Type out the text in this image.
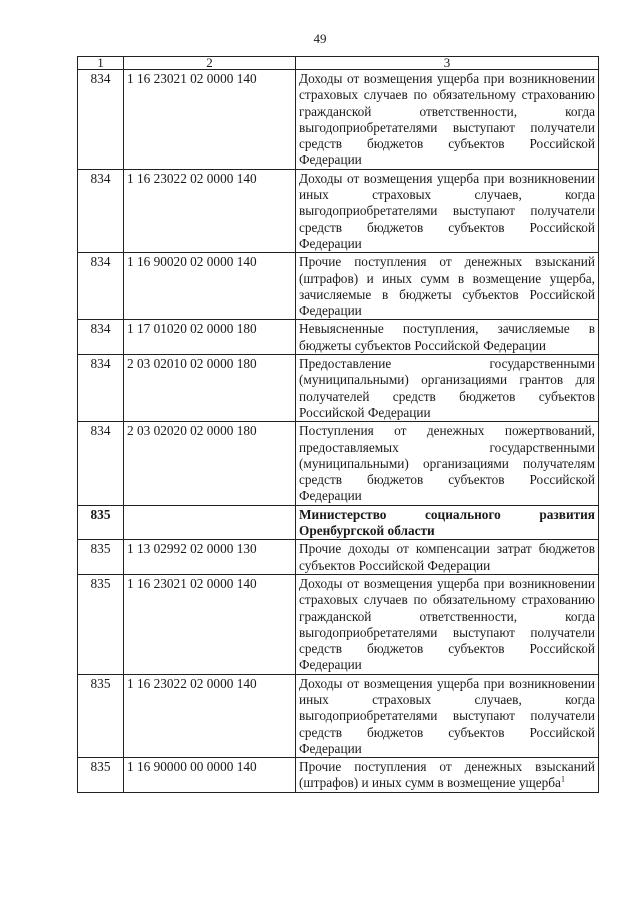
49
1	2	3
834	1 16 23021 02 0000 140	Доходы от возмещения ущерба при возникновении страховых случаев по обязательному страхованию гражданской ответственности, когда выгодоприобретателями выступают получатели средств бюджетов субъектов Российской Федерации
834	1 16 23022 02 0000 140	Доходы от возмещения ущерба при возникновении иных страховых случаев, когда выгодоприобретателями выступают получатели средств бюджетов субъектов Российской Федерации
834	1 16 90020 02 0000 140	Прочие поступления от денежных взысканий (штрафов) и иных сумм в возмещение ущерба, зачисляемые в бюджеты субъектов Российской Федерации
834	1 17 01020 02 0000 180	Невыясненные поступления, зачисляемые в бюджеты субъектов Российской Федерации
834	2 03 02010 02 0000 180	Предоставление государственными (муниципальными) организациями грантов для получателей средств бюджетов субъектов Российской Федерации
834	2 03 02020 02 0000 180	Поступления от денежных пожертвований, предоставляемых государственными (муниципальными) организациями получателям средств бюджетов субъектов Российской Федерации
835		Министерство социального развития Оренбургской области
835	1 13 02992 02 0000 130	Прочие доходы от компенсации затрат бюджетов субъектов Российской Федерации
835	1 16 23021 02 0000 140	Доходы от возмещения ущерба при возникновении страховых случаев по обязательному страхованию гражданской ответственности, когда выгодоприобретателями выступают получатели средств бюджетов субъектов Российской Федерации
835	1 16 23022 02 0000 140	Доходы от возмещения ущерба при возникновении иных страховых случаев, когда выгодоприобретателями выступают получатели средств бюджетов субъектов Российской Федерации
835	1 16 90000 00 0000 140	Прочие поступления от денежных взысканий (штрафов) и иных сумм в возмещение ущерба$^1$
